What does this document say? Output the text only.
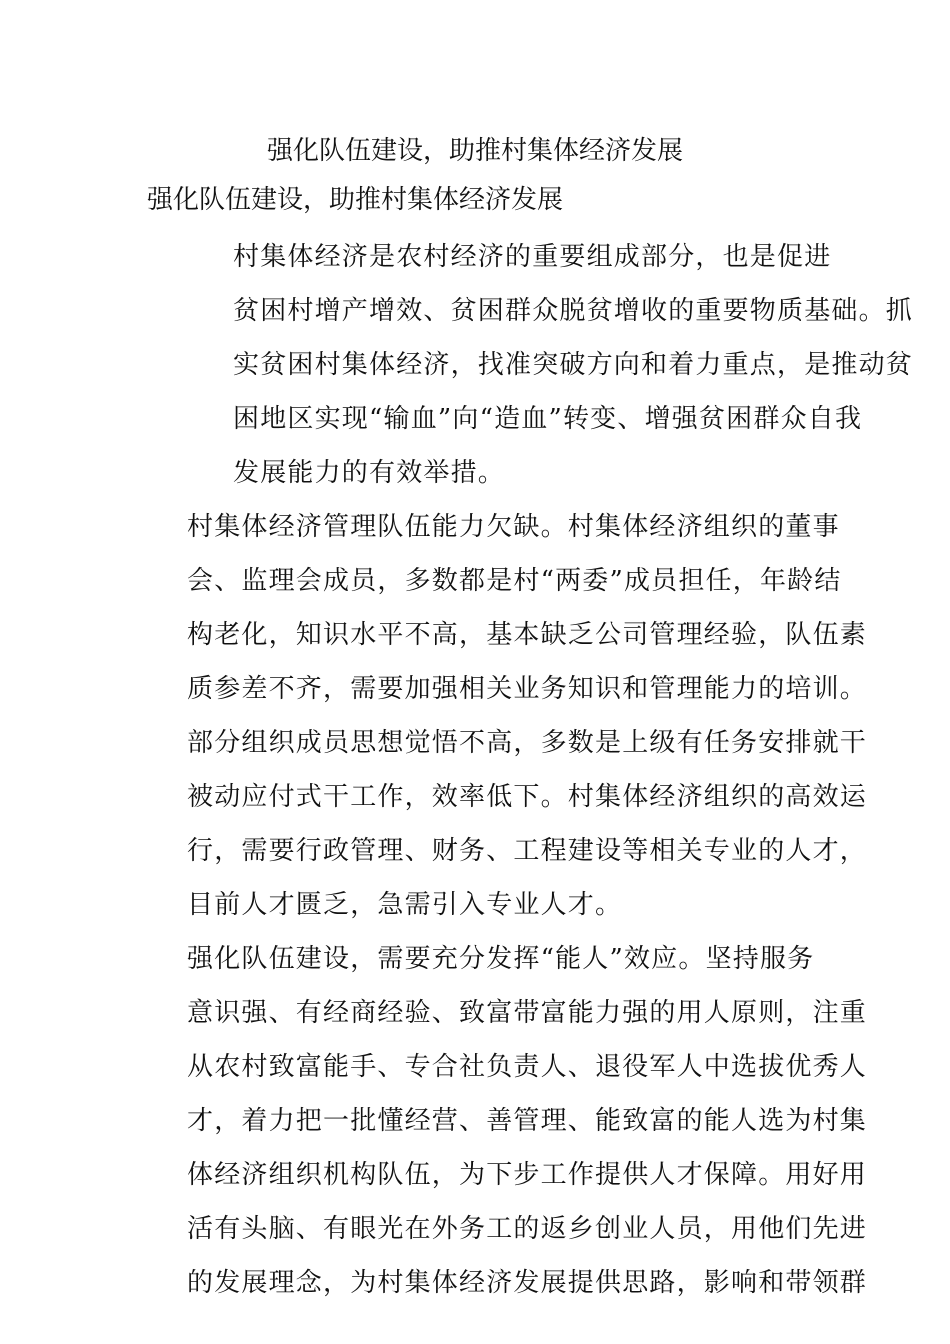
强化队伍建设，助推村集体经济发展
强化队伍建设，助推村集体经济发展

村集体经济是农村经济的重要组成部分，也是促进
贫困村增产增效、贫困群众脱贫增收的重要物质基础。抓
实贫困村集体经济，找准突破方向和着力重点，是推动贫
困地区实现“输血”向“造血”转变、增强贫困群众自我
发展能力的有效举措。

村集体经济管理队伍能力欠缺。村集体经济组织的董事
会、监理会成员，多数都是村“两委”成员担任，年龄结
构老化，知识水平不高，基本缺乏公司管理经验，队伍素
质参差不齐，需要加强相关业务知识和管理能力的培训。
部分组织成员思想觉悟不高，多数是上级有任务安排就干
被动应付式干工作，效率低下。村集体经济组织的高效运
行，需要行政管理、财务、工程建设等相关专业的人才，
目前人才匮乏，急需引入专业人才。

强化队伍建设，需要充分发挥“能人”效应。坚持服务
意识强、有经商经验、致富带富能力强的用人原则，注重
从农村致富能手、专合社负责人、退役军人中选拔优秀人
才，着力把一批懂经营、善管理、能致富的能人选为村集
体经济组织机构队伍，为下步工作提供人才保障。用好用
活有头脑、有眼光在外务工的返乡创业人员，用他们先进
的发展理念，为村集体经济发展提供思路，影响和带领群
